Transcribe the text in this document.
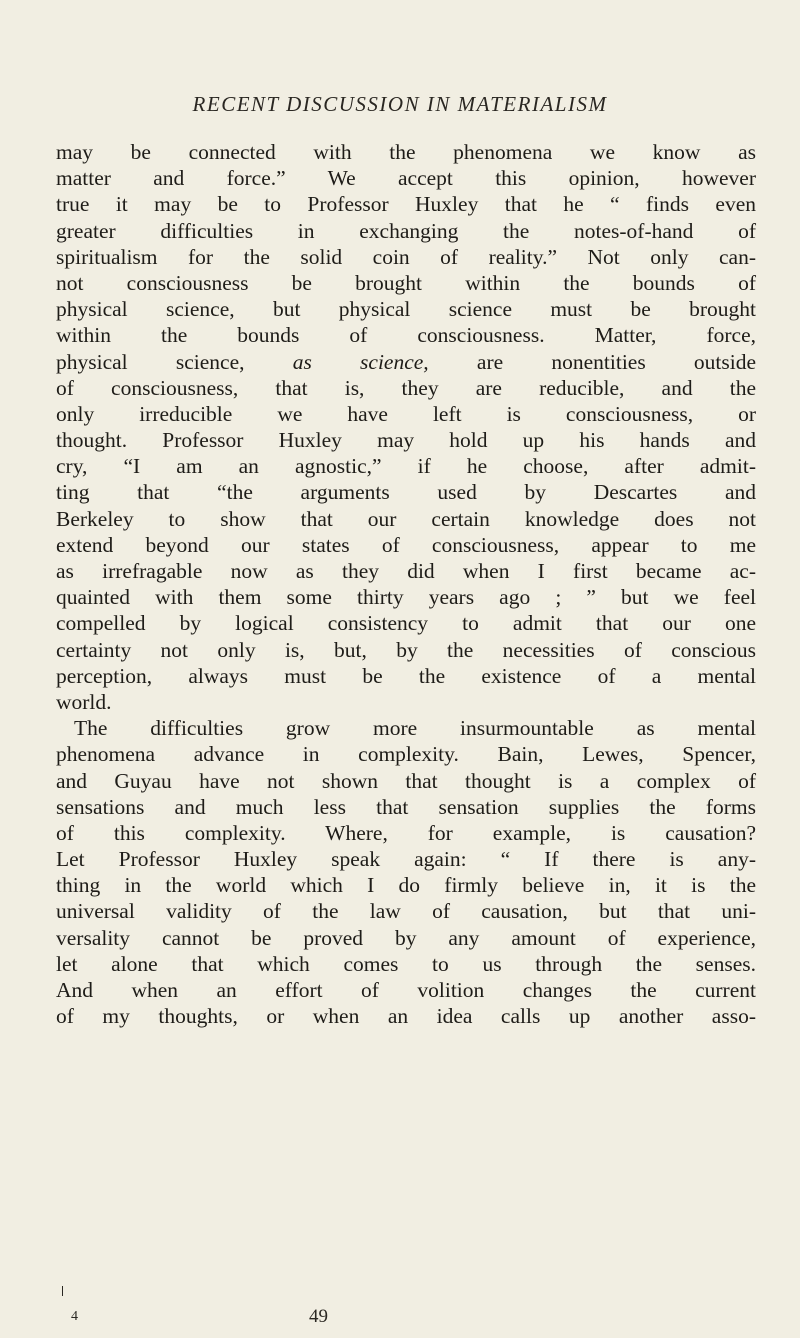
RECENT DISCUSSION IN MATERIALISM
may be connected with the phenomena we know as
matter and force.” We accept this opinion, however
true it may be to Professor Huxley that he “ finds even
greater difficulties in exchanging the notes-of-hand of
spiritualism for the solid coin of reality.” Not only can-
not consciousness be brought within the bounds of
physical science, but physical science must be brought
within the bounds of consciousness. Matter, force,
physical science, as science, are nonentities outside
of consciousness, that is, they are reducible, and the
only irreducible we have left is consciousness, or
thought. Professor Huxley may hold up his hands and
cry, “I am an agnostic,” if he choose, after admit-
ting that “the arguments used by Descartes and
Berkeley to show that our certain knowledge does not
extend beyond our states of consciousness, appear to me
as irrefragable now as they did when I first became ac-
quainted with them some thirty years ago ; ” but we feel
compelled by logical consistency to admit that our one
certainty not only is, but, by the necessities of conscious
perception, always must be the existence of a mental
world.
The difficulties grow more insurmountable as mental
phenomena advance in complexity. Bain, Lewes, Spencer,
and Guyau have not shown that thought is a complex of
sensations and much less that sensation supplies the forms
of this complexity. Where, for example, is causation?
Let Professor Huxley speak again: “ If there is any-
thing in the world which I do firmly believe in, it is the
universal validity of the law of causation, but that uni-
versality cannot be proved by any amount of experience,
let alone that which comes to us through the senses.
And when an effort of volition changes the current
of my thoughts, or when an idea calls up another asso-
4	49
